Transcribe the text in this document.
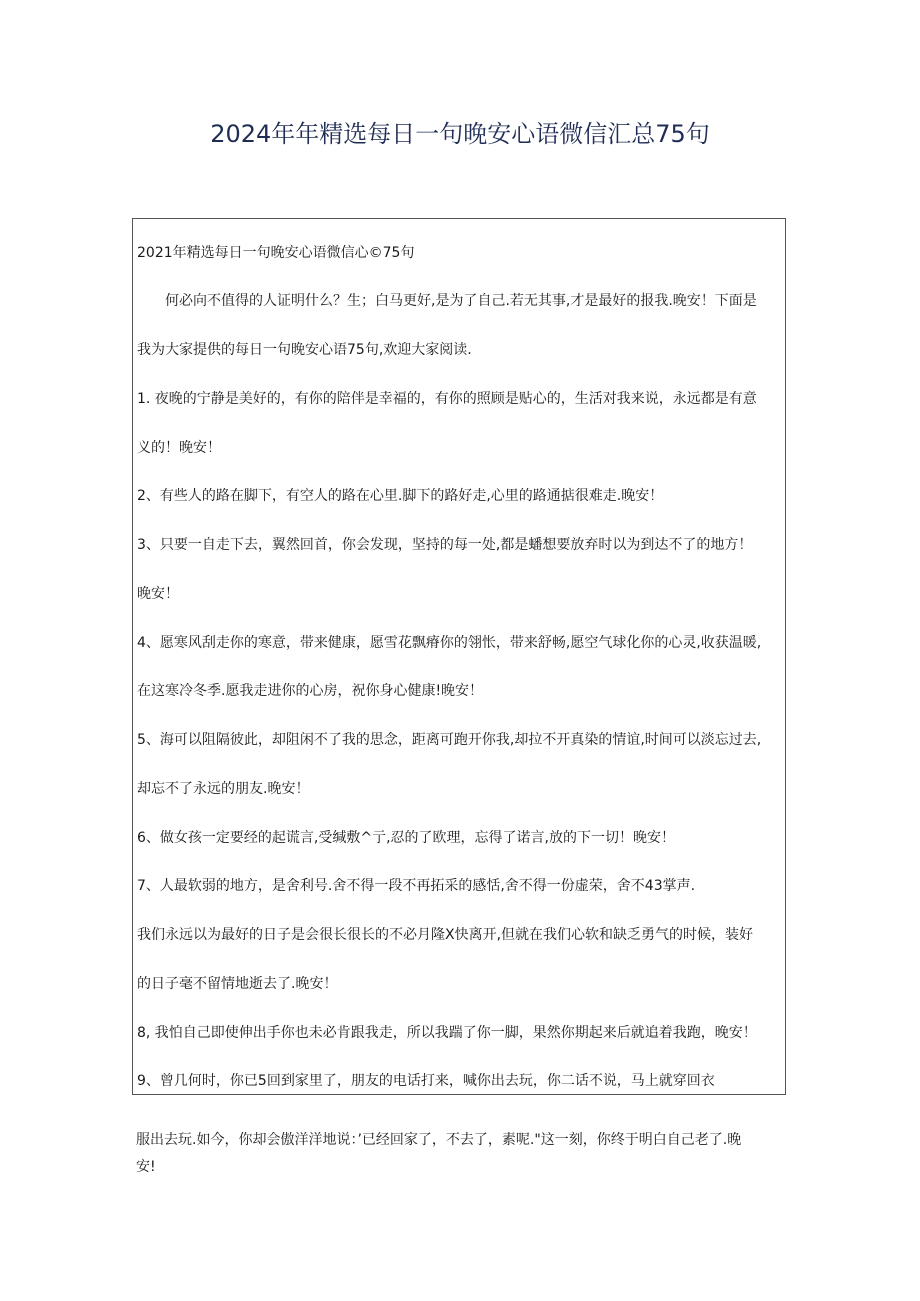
2024年年精选每日一句晚安心语微信汇总75句
2021年精选每日一句晚安心语微信心©75句
何必向不值得的人证明什么？生；白马更好,是为了自己.若无其事,才是最好的报我.晚安！下面是
我为大家提供的每日一句晚安心语75句,欢迎大家阅读.
1. 夜晚的宁静是美好的，有你的陪伴是幸福的，有你的照顾是贴心的，生活对我来说，永远都是有意
义的！晚安！
2、有些人的路在脚下，有空人的路在心里.脚下的路好走,心里的路通掂很难走.晚安！
3、只要一自走下去，翼然回首，你会发现，坚持的每一处,都是蟠想要放弃时以为到达不了的地方！
晚安！
4、愿寒风刮走你的寒意，带来健康，愿雪花飘瘠你的翎怅，带来舒畅,愿空气球化你的心灵,收获温暖,
在这寒冷冬季.愿我走进你的心房，祝你身心健康!晚安！
5、海可以阻隔彼此，却阻闲不了我的思念，距离可跑开你我,却拉不开真染的情谊,时间可以淡忘过去,
却忘不了永远的朋友.晚安！
6、做女孩一定要经的起谎言,受缄敷^亍,忍的了欧理，忘得了诺言,放的下一切！晚安！
7、人最软弱的地方，是舍利号.舍不得一段不再拓采的感恬,舍不得一份虚荣，舍不43掌声.
我们永远以为最好的日子是会很长很长的不必月隆X快离开,但就在我们心软和缺乏勇气的时候，装好
的日子毫不留情地逝去了.晚安！
8, 我怕自己即使伸出手你也未必肯跟我走，所以我踹了你一脚，果然你期起来后就追着我跑，晚安！
9、曾几何时，你已5回到家里了，朋友的电话打来，喊你出去玩，你二话不说，马上就穿回衣
服出去玩.如今，你却会傲洋洋地说：’已经回家了，不去了，素呢."这一刻，你终于明白自己老了.晚
安!
